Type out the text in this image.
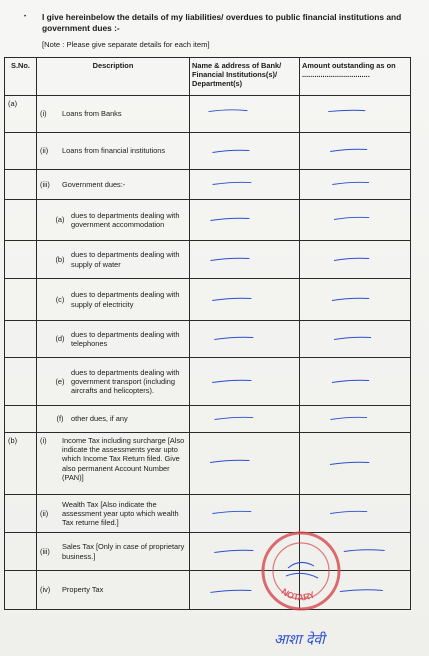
• I give hereinbelow the details of my liabilities/ overdues to public financial institutions and government dues :-
[Note : Please give separate details for each item]
S.No.	Description	Name & address of Bank/ Financial Institutions(s)/ Department(s)	Amount outstanding as on .................................
(a)	(i) Loans from Banks

	(ii) Loans from financial institutions

	(iii) Government dues:-

	(a)
dues to departments dealing with government accommodation

	(b)
dues to departments dealing with supply of water

	(c)
dues to departments dealing with supply of electricity

	(d)
dues to departments dealing with telephones

	(e)
dues to departments dealing with government transport (including aircrafts and helicopters).

	(f) other dues, if any

(b)	(i) Income Tax including surcharge [Also indicate the assessments year upto which Income Tax Return filed. Give also permanent Account Number (PAN)]

	(ii)
Wealth Tax [Also indicate the assessment year upto which wealth Tax returne filed.]

	(iii)
Sales Tax [Only in case of proprietary business.]

	(iv) Property Tax

		NOTARY
आशा देवी
